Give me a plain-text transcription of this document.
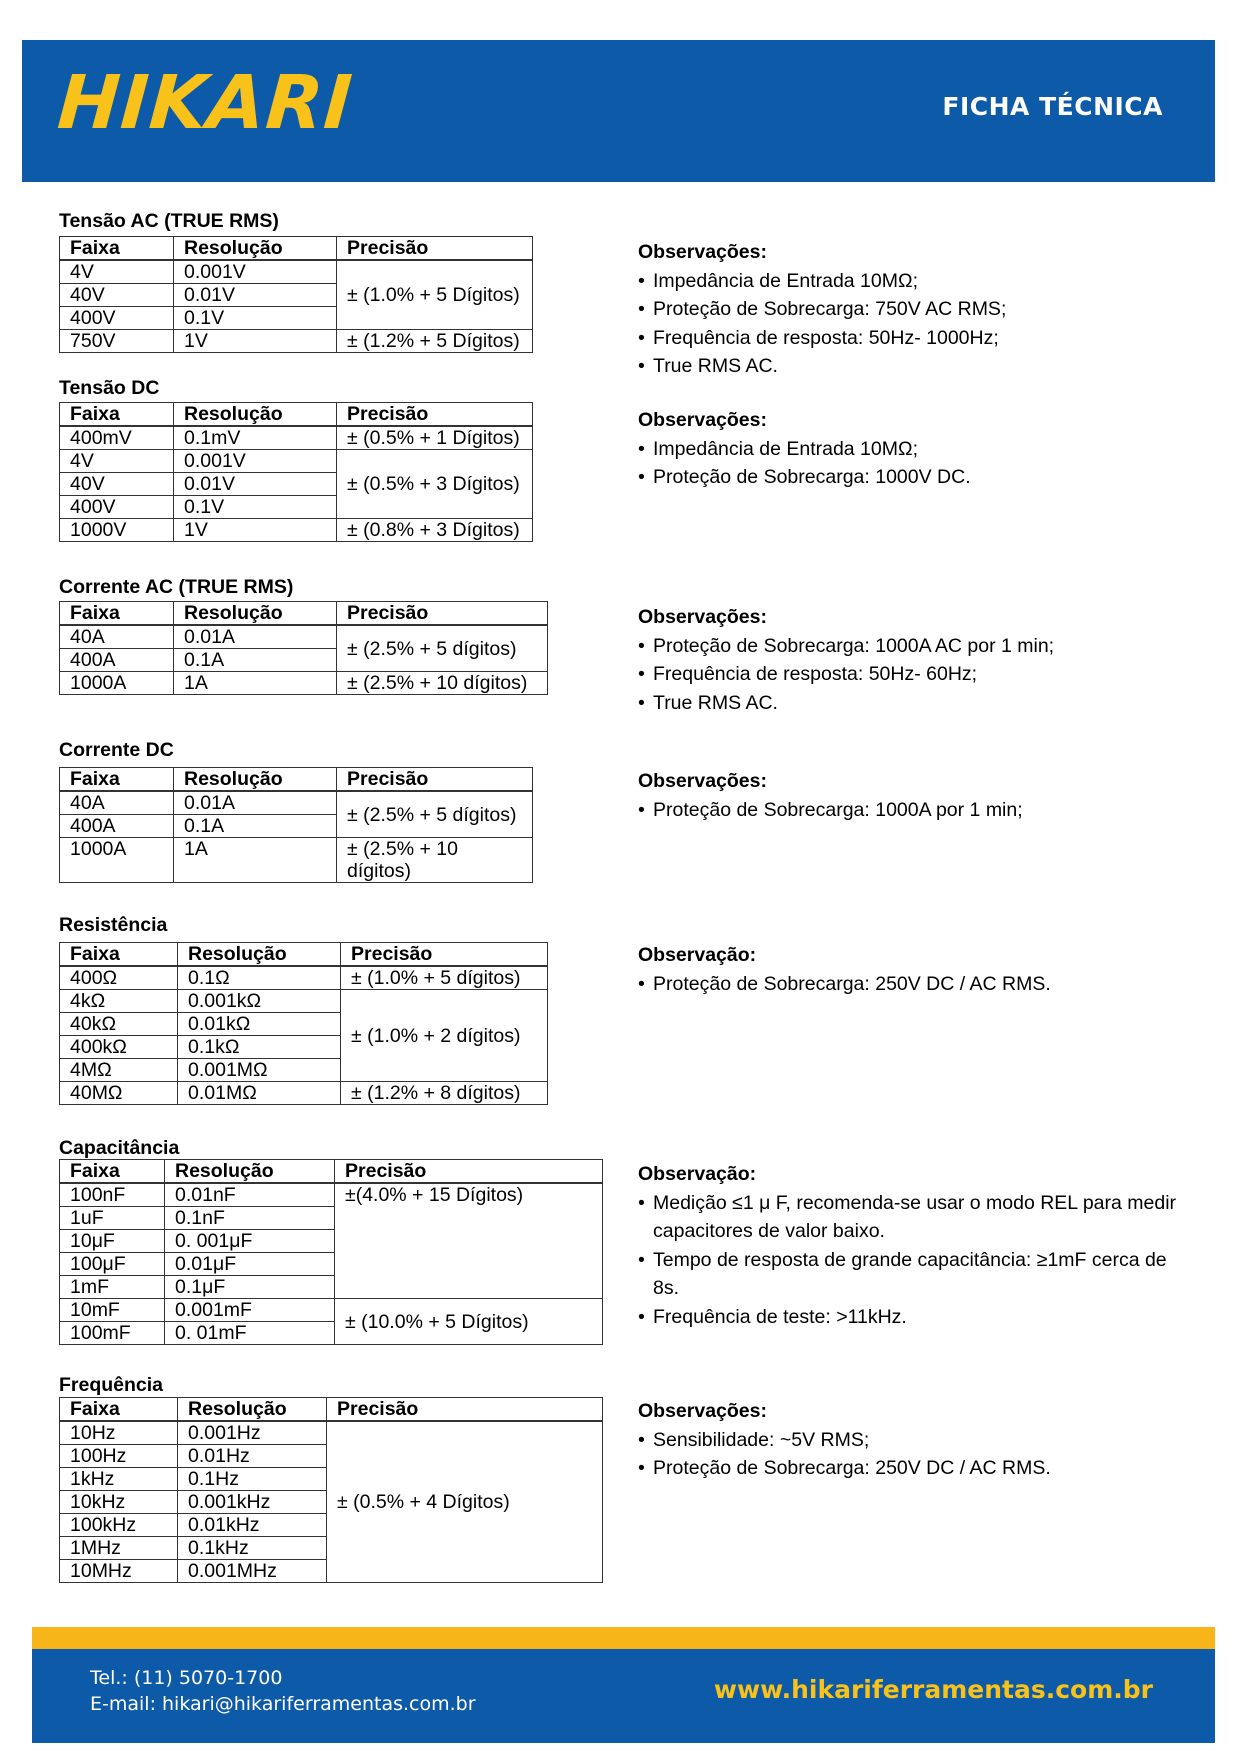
HIKARI	FICHA TÉCNICA
Tensão AC (TRUE RMS)
Faixa	Resolução	Precisão
4V	0.001V	± (1.0% + 5 Dígitos)
40V	0.01V	
400V	0.1V	
750V	1V	± (1.2% + 5 Dígitos)
Observações:
• Impedância de Entrada 10MΩ;
• Proteção de Sobrecarga: 750V AC RMS;
• Frequência de resposta: 50Hz- 1000Hz;
• True RMS AC.
Tensão DC
Faixa	Resolução	Precisão
400mV	0.1mV	± (0.5% + 1 Dígitos)
4V	0.001V	± (0.5% + 3 Dígitos)
40V	0.01V	
400V	0.1V	
1000V	1V	± (0.8% + 3 Dígitos)
Observações:
• Impedância de Entrada 10MΩ;
• Proteção de Sobrecarga: 1000V DC.
Corrente AC (TRUE RMS)
Faixa	Resolução	Precisão
40A	0.01A	± (2.5% + 5 dígitos)
400A	0.1A	
1000A	1A	± (2.5% + 10 dígitos)
Observações:
• Proteção de Sobrecarga: 1000A AC por 1 min;
• Frequência de resposta: 50Hz- 60Hz;
• True RMS AC.
Corrente DC
Faixa	Resolução	Precisão
40A	0.01A	± (2.5% + 5 dígitos)
400A	0.1A	
1000A	1A	± (2.5% + 10 dígitos)
Observações:
• Proteção de Sobrecarga: 1000A por 1 min;
Resistência
Faixa	Resolução	Precisão
400Ω	0.1Ω	± (1.0% + 5 dígitos)
4kΩ	0.001kΩ	± (1.0% + 2 dígitos)
40kΩ	0.01kΩ	
400kΩ	0.1kΩ	
4MΩ	0.001MΩ	
40MΩ	0.01MΩ	± (1.2% + 8 dígitos)
Observação:
• Proteção de Sobrecarga: 250V DC / AC RMS.
Capacitância
Faixa	Resolução	Precisão
100nF	0.01nF	±(4.0% + 15 Dígitos)
1uF	0.1nF	
10μF	0. 001μF	
100μF	0.01μF	
1mF	0.1μF	
10mF	0.001mF	± (10.0% + 5 Dígitos)
100mF	0. 01mF	
Observação:
• Medição ≤1 μ F, recomenda-se usar o modo REL para medir capacitores de valor baixo.
• Tempo de resposta de grande capacitância: ≥1mF cerca de 8s.
• Frequência de teste: >11kHz.
Frequência
Faixa	Resolução	Precisão
10Hz	0.001Hz	± (0.5% + 4 Dígitos)
100Hz	0.01Hz	
1kHz	0.1Hz	
10kHz	0.001kHz	
100kHz	0.01kHz	
1MHz	0.1kHz	
10MHz	0.001MHz	
Observações:
• Sensibilidade: ~5V RMS;
• Proteção de Sobrecarga: 250V DC / AC RMS.
Tel.: (11) 5070-1700
E-mail: hikari@hikariferramentas.com.br	www.hikariferramentas.com.br
